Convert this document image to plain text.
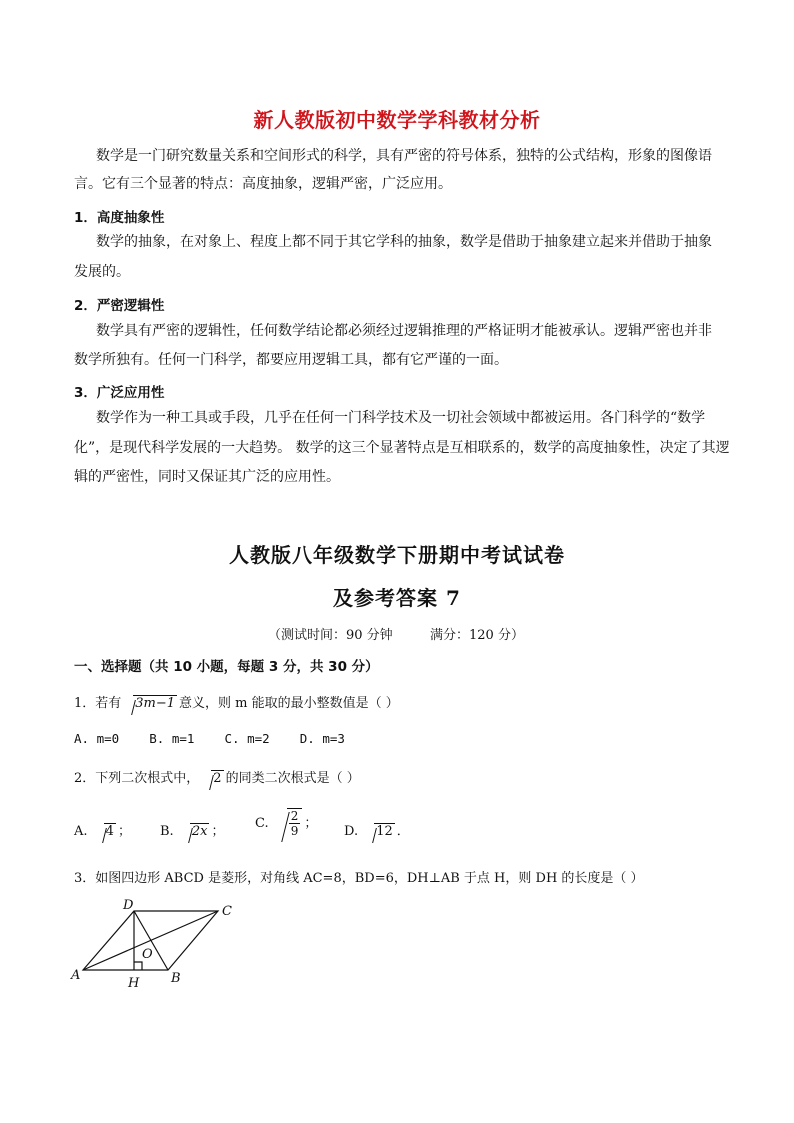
新人教版初中数学学科教材分析
数学是一门研究数量关系和空间形式的科学，具有严密的符号体系，独特的公式结构，形象的图像语
言。它有三个显著的特点：高度抽象，逻辑严密，广泛应用。
1．高度抽象性
数学的抽象，在对象上、程度上都不同于其它学科的抽象，数学是借助于抽象建立起来并借助于抽象
发展的。
2．严密逻辑性
数学具有严密的逻辑性，任何数学结论都必须经过逻辑推理的严格证明才能被承认。逻辑严密也并非
数学所独有。任何一门科学，都要应用逻辑工具，都有它严谨的一面。
3．广泛应用性
数学作为一种工具或手段，几乎在任何一门科学技术及一切社会领域中都被运用。各门科学的“数学
化”，是现代科学发展的一大趋势。 数学的这三个显著特点是互相联系的，数学的高度抽象性，决定了其逻
辑的严密性，同时又保证其广泛的应用性。
人教版八年级数学下册期中考试试卷
及参考答案 7
（测试时间：90 分钟	满分：120 分）
一、选择题（共 10 小题，每题 3 分，共 30 分）
1．若有 3m−1 意义，则 m 能取的最小整数值是（ ）
A. m=0    B. m=1    C. m=2    D. m=3
2．下列二次根式中， 2 的同类二次根式是（ ）
A. 4 ； B. 2x ；
C. $\frac{2}{9}$ ；
D. 12 ．
3．如图四边形 ABCD 是菱形，对角线 AC=8，BD=6，DH⊥AB 于点 H，则 DH 的长度是（ ）
A	B
C
D
O
H
